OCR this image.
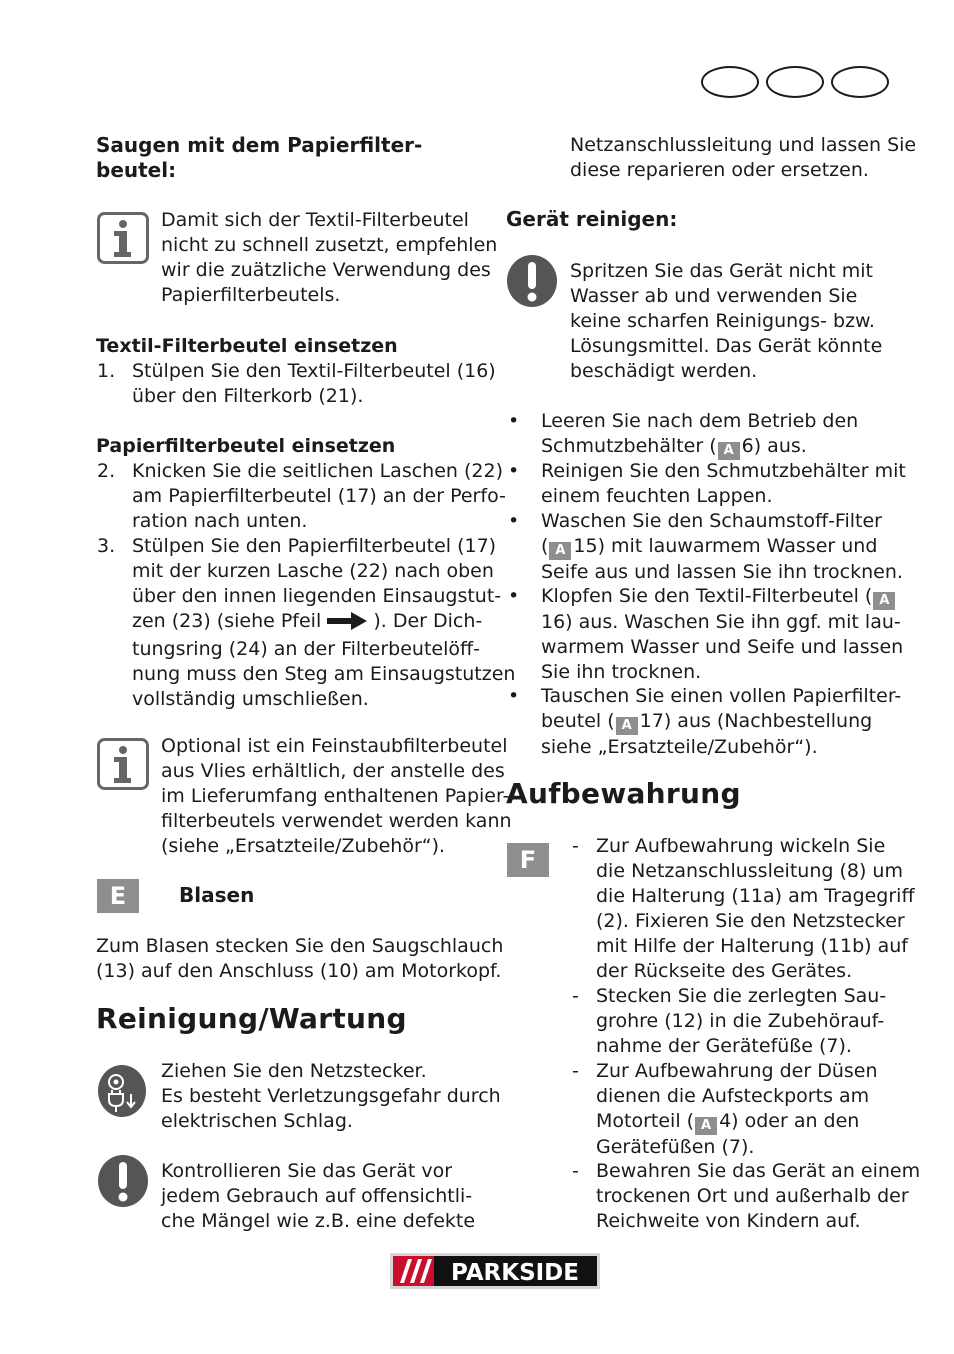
Saugen mit dem Papierfilter-
beutel:
Damit sich der Textil-Filterbeutel
nicht zu schnell zusetzt, empfehlen
wir die zuätzliche Verwendung des
Papierfilterbeutels.
Textil-Filterbeutel einsetzen
1. Stülpen Sie den Textil-Filterbeutel (16)
über den Filterkorb (21).
Papierfilterbeutel einsetzen
2. Knicken Sie die seitlichen Laschen (22)
am Papierfilterbeutel (17) an der Perfo-
ration nach unten.
3. Stülpen Sie den Papierfilterbeutel (17)
mit der kurzen Lasche (22) nach oben
über den innen liegenden Einsaugstut-
zen (23) (siehe Pfeil	). Der Dich-
tungsring (24) an der Filterbeutelöff-
nung muss den Steg am Einsaugstutzen
vollständig umschließen.
Optional ist ein Feinstaubfilterbeutel
aus Vlies erhältlich, der anstelle des
im Lieferumfang enthaltenen Papier-
filterbeutels verwendet werden kann
(siehe „Ersatzteile/Zubehör“).
E	Blasen
Zum Blasen stecken Sie den Saugschlauch
(13) auf den Anschluss (10) am Motorkopf.
Reinigung/Wartung
Ziehen Sie den Netzstecker.
Es besteht Verletzungsgefahr durch
elektrischen Schlag.
Kontrollieren Sie das Gerät vor
jedem Gebrauch auf offensichtli-
che Mängel wie z.B. eine defekte
Netzanschlussleitung und lassen Sie
diese reparieren oder ersetzen.
Gerät reinigen:
Spritzen Sie das Gerät nicht mit
Wasser ab und verwenden Sie
keine scharfen Reinigungs- bzw.
Lösungsmittel. Das Gerät könnte
beschädigt werden.
• Leeren Sie nach dem Betrieb den
Schmutzbehälter ( A 6) aus.
• Reinigen Sie den Schmutzbehälter mit
einem feuchten Lappen.
• Waschen Sie den Schaumstoff-Filter
( A 15) mit lauwarmem Wasser und
Seife aus und lassen Sie ihn trocknen.
• Klopfen Sie den Textil-Filterbeutel ( A
16) aus. Waschen Sie ihn ggf. mit lau-
warmem Wasser und Seife und lassen
Sie ihn trocknen.
• Tauschen Sie einen vollen Papierfilter-
beutel ( A 17) aus (Nachbestellung
siehe „Ersatzteile/Zubehör“).
Aufbewahrung
F	- Zur Aufbewahrung wickeln Sie
die Netzanschlussleitung (8) um
die Halterung (11a) am Tragegriff
(2). Fixieren Sie den Netzstecker
mit Hilfe der Halterung (11b) auf
der Rückseite des Gerätes.
- Stecken Sie die zerlegten Sau-
grohre (12) in die Zubehörauf-
nahme der Gerätefüße (7).
- Zur Aufbewahrung der Düsen
dienen die Aufsteckports am
Motorteil ( A 4) oder an den
Gerätefüßen (7).
- Bewahren Sie das Gerät an einem
trockenen Ort und außerhalb der
Reichweite von Kindern auf.
PARKSIDE
